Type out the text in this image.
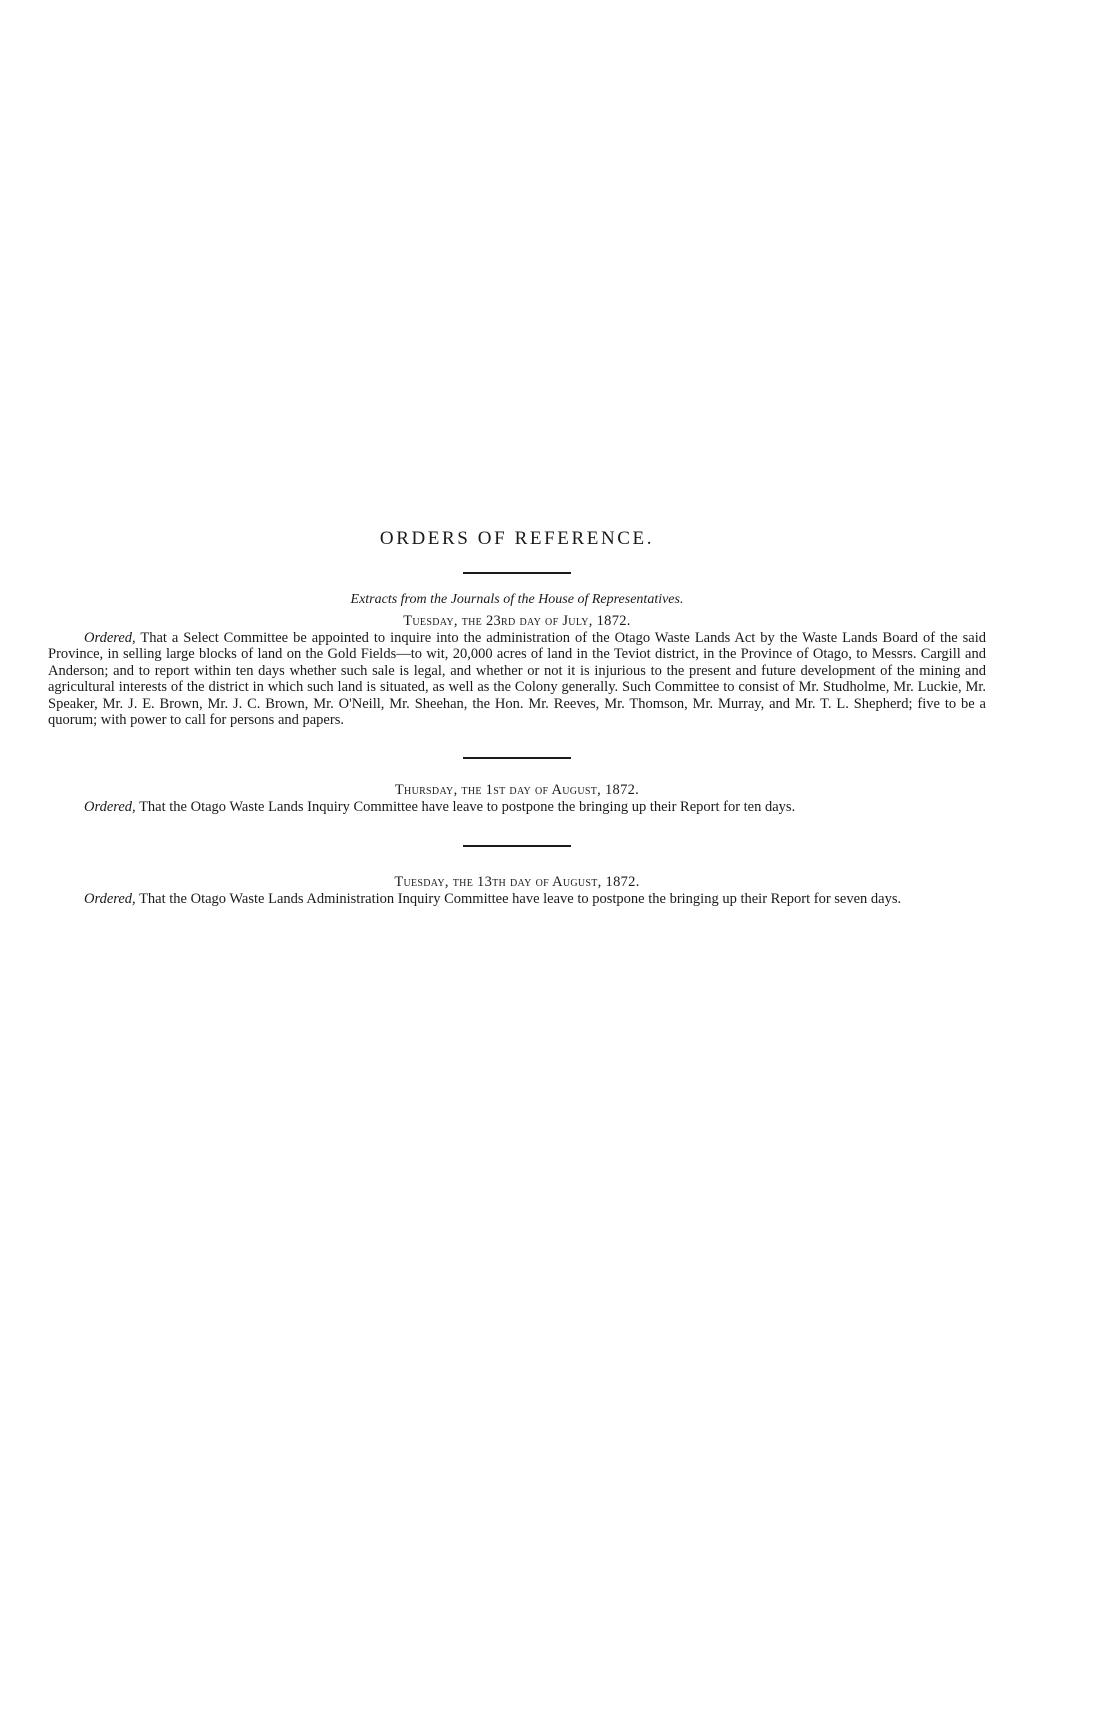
ORDERS OF REFERENCE.
Extracts from the Journals of the House of Representatives.
Tuesday, the 23rd day of July, 1872.

Ordered, That a Select Committee be appointed to inquire into the administration of the Otago Waste Lands Act by the Waste Lands Board of the said Province, in selling large blocks of land on the Gold Fields—to wit, 20,000 acres of land in the Teviot district, in the Province of Otago, to Messrs. Cargill and Anderson; and to report within ten days whether such sale is legal, and whether or not it is injurious to the present and future development of the mining and agricultural interests of the district in which such land is situated, as well as the Colony generally. Such Committee to consist of Mr. Studholme, Mr. Luckie, Mr. Speaker, Mr. J. E. Brown, Mr. J. C. Brown, Mr. O'Neill, Mr. Sheehan, the Hon. Mr. Reeves, Mr. Thomson, Mr. Murray, and Mr. T. L. Shepherd; five to be a quorum; with power to call for persons and papers.

Thursday, the 1st day of August, 1872.

Ordered, That the Otago Waste Lands Inquiry Committee have leave to postpone the bringing up their Report for ten days.

Tuesday, the 13th day of August, 1872.

Ordered, That the Otago Waste Lands Administration Inquiry Committee have leave to postpone the bringing up their Report for seven days.
